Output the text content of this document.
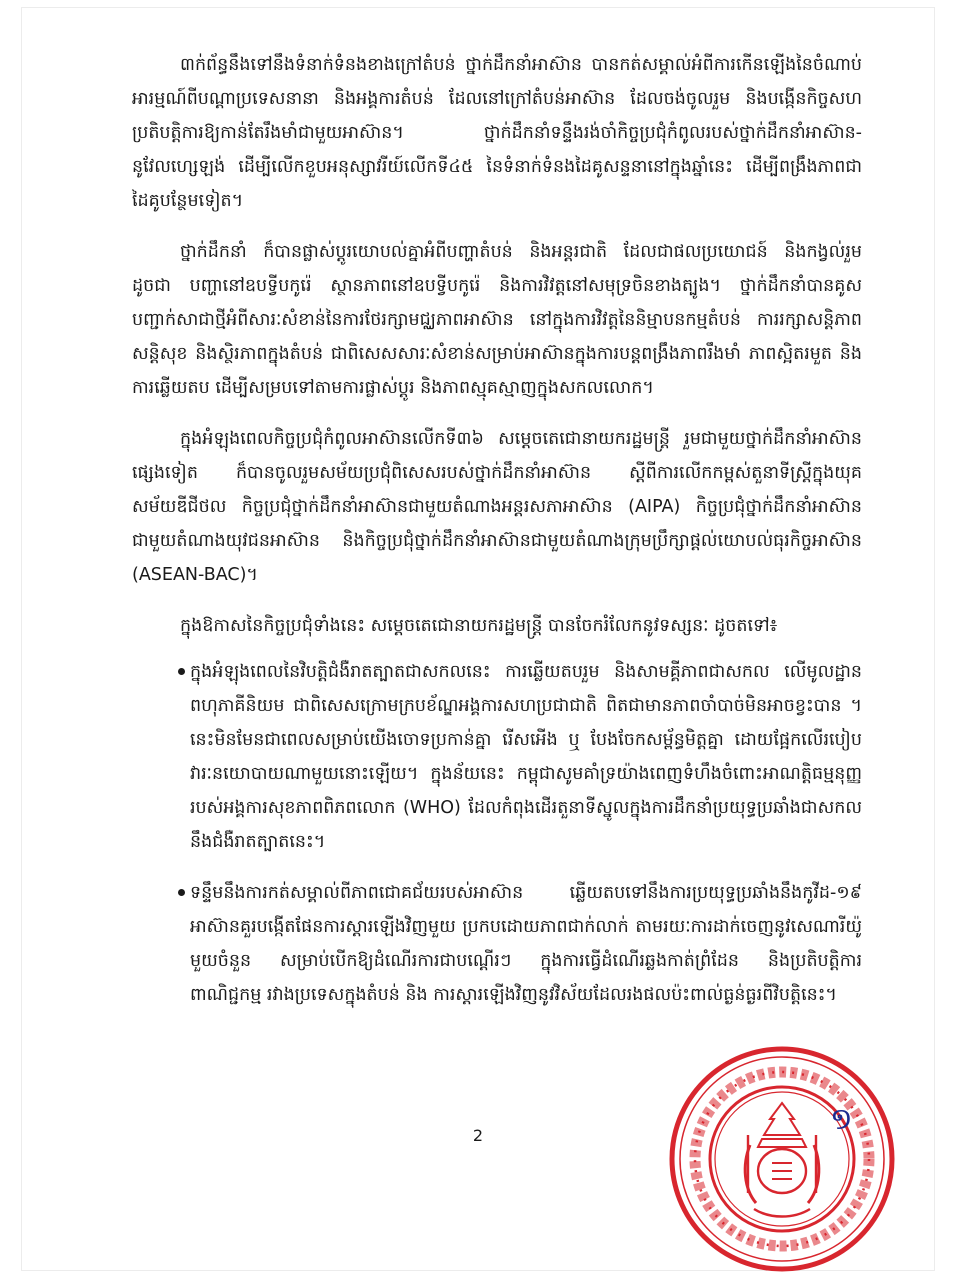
៣ក់ព័ន្ធនឹងទៅនឹងទំនាក់ទំនងខាងក្រៅតំបន់ ថ្នាក់ដឹកនាំអាស៊ាន បានកត់សម្គាល់អំពីការកើនឡើងនៃចំណាប់អារម្មណ៍ពីបណ្ដាប្រទេសនានា និងអង្គការតំបន់ ដែលនៅក្រៅតំបន់អាស៊ាន ដែលចង់ចូលរួម និងបង្កើនកិច្ចសហប្រតិបត្តិការឱ្យកាន់តែរឹងមាំជាមួយអាស៊ាន។ ថ្នាក់ដឹកនាំទន្ទឹងរង់ចាំកិច្ចប្រជុំកំពូលរបស់ថ្នាក់ដឹកនាំអាស៊ាន-នូវែលហ្សេឡង់ ដើម្បីលើកខួបអនុស្សាវរីយ៍លើកទី៤៥ នៃទំនាក់ទំនងដៃគូសន្ទនានៅក្នុងឆ្នាំនេះ ដើម្បីពង្រឹងភាពជាដៃគូបន្ថែមទៀត។

ថ្នាក់ដឹកនាំ ក៏បានផ្លាស់ប្ដូរយោបល់គ្នាអំពីបញ្ហាតំបន់ និងអន្តរជាតិ ដែលជាផលប្រយោជន៍ និងកង្វល់រួម ដូចជា បញ្ហានៅឧបទ្វីបកូរ៉េ ស្ថានភាពនៅឧបទ្វីបកូរ៉េ និងការវិវត្តនៅសមុទ្រចិនខាងត្បូង។ ថ្នាក់ដឹកនាំបានគូសបញ្ជាក់សាជាថ្មីអំពីសារៈសំខាន់នៃការថែរក្សាមជ្ឈភាពអាស៊ាន នៅក្នុងការវិវត្តនៃនិម្មាបនកម្មតំបន់ ការរក្សាសន្តិភាព សន្តិសុខ និងស្ថិរភាពក្នុងតំបន់ ជាពិសេសសារៈសំខាន់សម្រាប់អាស៊ានក្នុងការបន្តពង្រឹងភាពរឹងមាំ ភាពស្អិតរមួត និងការឆ្លើយតប ដើម្បីសម្របទៅតាមការផ្លាស់ប្ដូរ និងភាពស្មុគស្មាញក្នុងសកលលោក។

ក្នុងអំឡុងពេលកិច្ចប្រជុំកំពូលអាស៊ានលើកទី៣៦ សម្ដេចតេជោនាយករដ្ឋមន្ត្រី រួមជាមួយថ្នាក់ដឹកនាំអាស៊ានផ្សេងទៀត ក៏បានចូលរួមសម័យប្រជុំពិសេសរបស់ថ្នាក់ដឹកនាំអាស៊ាន ស្ដីពីការលើកកម្ពស់តួនាទីស្ត្រីក្នុងយុគសម័យឌីជីថល កិច្ចប្រជុំថ្នាក់ដឹកនាំអាស៊ានជាមួយតំណាងអន្តរសភាអាស៊ាន (AIPA) កិច្ចប្រជុំថ្នាក់ដឹកនាំអាស៊ានជាមួយតំណាងយុវជនអាស៊ាន និងកិច្ចប្រជុំថ្នាក់ដឹកនាំអាស៊ានជាមួយតំណាងក្រុមប្រឹក្សាផ្ដល់យោបល់ធុរកិច្ចអាស៊ាន (ASEAN-BAC)។

ក្នុងឱកាសនៃកិច្ចប្រជុំទាំងនេះ សម្ដេចតេជោនាយករដ្ឋមន្ត្រី បានចែករំលែកនូវទស្សនៈ ដូចតទៅ៖

ក្នុងអំឡុងពេលនៃវិបត្តិជំងឺរាតត្បាតជាសកលនេះ ការឆ្លើយតបរួម និងសាមគ្គីភាពជាសកល លើមូលដ្ឋានពហុភាគីនិយម ជាពិសេសក្រោមក្របខ័ណ្ឌអង្គការសហប្រជាជាតិ ពិតជាមានភាពចាំបាច់មិនអាចខ្វះបាន ។ នេះមិនមែនជាពេលសម្រាប់យើងចោទប្រកាន់គ្នា រើសអើង ឬ បែងចែកសម្ព័ន្ធមិត្តគ្នា ដោយផ្អែកលើរបៀបវារៈនយោបាយណាមួយនោះឡើយ។ ក្នុងន័យនេះ កម្ពុជាសូមគាំទ្រយ៉ាងពេញទំហឹងចំពោះអាណត្តិធម្មនុញ្ញរបស់អង្គការសុខភាពពិភពលោក (WHO) ដែលកំពុងដើរតួនាទីស្នូលក្នុងការដឹកនាំប្រយុទ្ធប្រឆាំងជាសកល នឹងជំងឺរាតត្បាតនេះ។
ទន្ទឹមនឹងការកត់សម្គាល់ពីភាពជោគជ័យរបស់អាស៊ាន ឆ្លើយតបទៅនឹងការប្រយុទ្ធប្រឆាំងនឹងកូវីដ-១៩ អាស៊ានគួរបង្កើតផែនការស្ដារឡើងវិញមួយ ប្រកបដោយភាពជាក់លាក់ តាមរយៈការដាក់ចេញនូវសេណារីយ៉ូមួយចំនួន សម្រាប់បើកឱ្យដំណើរការជាបណ្ដើរៗ ក្នុងការធ្វើដំណើរឆ្លងកាត់ព្រំដែន និងប្រតិបត្តិការពាណិជ្ជកម្ម រវាងប្រទេសក្នុងតំបន់ និង ការស្ដារឡើងវិញនូវវិស័យដែលរងផលប៉ះពាល់ធ្ងន់ធ្ងរពីវិបត្តិនេះ។
2	១
